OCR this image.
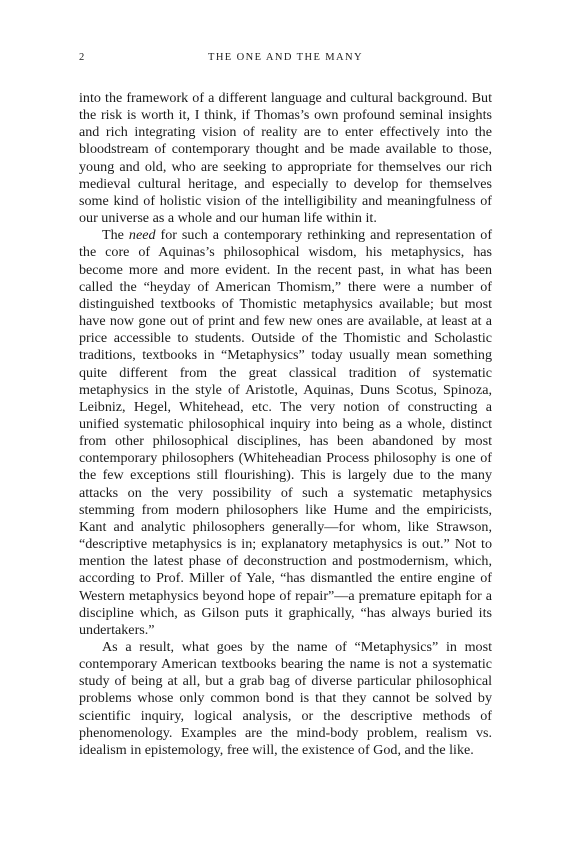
2	THE ONE AND THE MANY

into the framework of a different language and cultural background. But the risk is worth it, I think, if Thomas’s own profound seminal insights and rich integrating vision of reality are to enter effectively into the bloodstream of contemporary thought and be made available to those, young and old, who are seeking to appropriate for themselves our rich medieval cultural heritage, and especially to develop for themselves some kind of holistic vision of the intelligibility and meaningfulness of our universe as a whole and our human life within it.

The need for such a contemporary rethinking and representation of the core of Aquinas’s philosophical wisdom, his metaphysics, has become more and more evident. In the recent past, in what has been called the “heyday of American Thomism,” there were a number of distinguished textbooks of Thomistic metaphysics available; but most have now gone out of print and few new ones are available, at least at a price accessible to students. Outside of the Thomistic and Scholastic traditions, textbooks in “Metaphysics” today usually mean something quite different from the great classical tradition of systematic metaphysics in the style of Aristotle, Aquinas, Duns Scotus, Spinoza, Leibniz, Hegel, Whitehead, etc. The very notion of constructing a unified systematic philosophical inquiry into being as a whole, distinct from other philosophical disciplines, has been abandoned by most contemporary philosophers (Whiteheadian Process philosophy is one of the few exceptions still flourishing). This is largely due to the many attacks on the very possibility of such a systematic metaphysics stemming from modern philosophers like Hume and the empiricists, Kant and analytic philosophers generally—for whom, like Strawson, “descriptive metaphysics is in; explanatory metaphysics is out.” Not to mention the latest phase of deconstruction and postmodernism, which, according to Prof. Miller of Yale, “has dismantled the entire engine of Western metaphysics beyond hope of repair”—a premature epitaph for a discipline which, as Gilson puts it graphically, “has always buried its undertakers.”

As a result, what goes by the name of “Metaphysics” in most contemporary American textbooks bearing the name is not a systematic study of being at all, but a grab bag of diverse particular philosophical problems whose only common bond is that they cannot be solved by scientific inquiry, logical analysis, or the descriptive methods of phenomenology. Examples are the mind-body problem, realism vs. idealism in epistemology, free will, the existence of God, and the like.
